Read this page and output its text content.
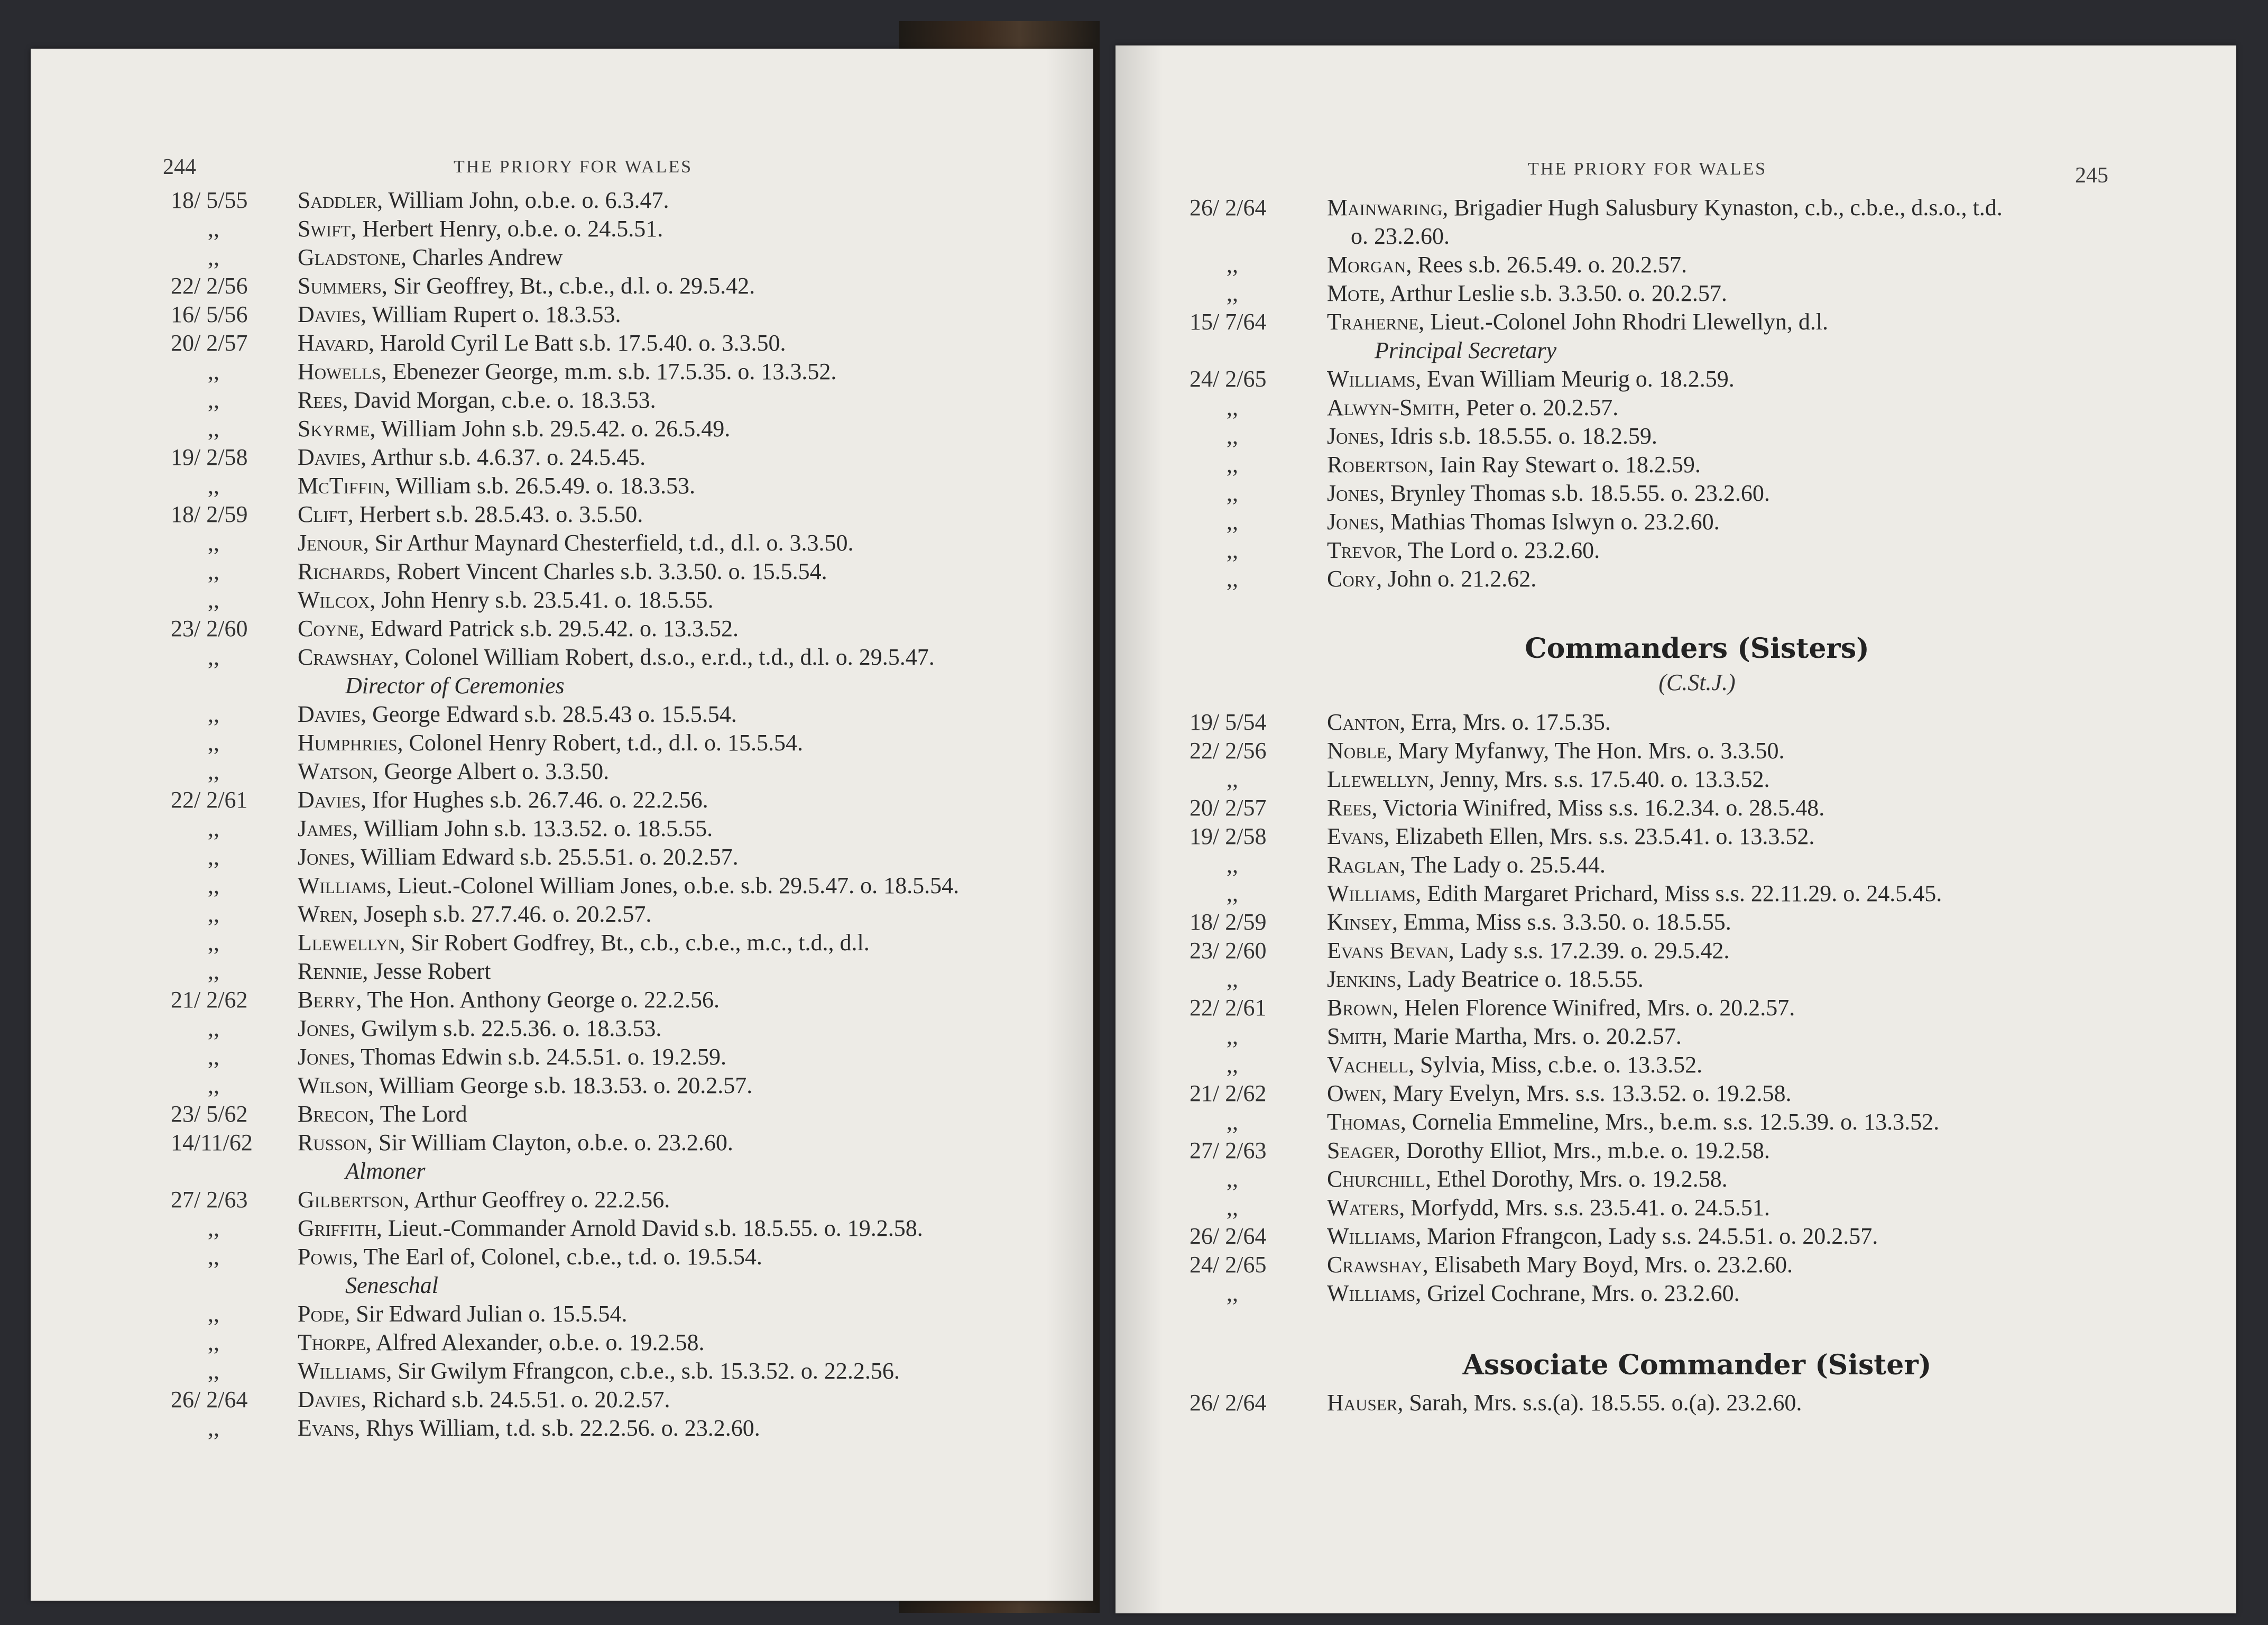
244	THE PRIORY FOR WALES
18/ 5/55	Saddler, William John, o.b.e. o. 6.3.47.
,,	Swift, Herbert Henry, o.b.e. o. 24.5.51.
,,	Gladstone, Charles Andrew
22/ 2/56	Summers, Sir Geoffrey, Bt., c.b.e., d.l. o. 29.5.42.
16/ 5/56	Davies, William Rupert o. 18.3.53.
20/ 2/57	Havard, Harold Cyril Le Batt s.b. 17.5.40. o. 3.3.50.
,,	Howells, Ebenezer George, m.m. s.b. 17.5.35. o. 13.3.52.
,,	Rees, David Morgan, c.b.e. o. 18.3.53.
,,	Skyrme, William John s.b. 29.5.42. o. 26.5.49.
19/ 2/58	Davies, Arthur s.b. 4.6.37. o. 24.5.45.
,,	McTiffin, William s.b. 26.5.49. o. 18.3.53.
18/ 2/59	Clift, Herbert s.b. 28.5.43. o. 3.5.50.
,,	Jenour, Sir Arthur Maynard Chesterfield, t.d., d.l. o. 3.3.50.
,,	Richards, Robert Vincent Charles s.b. 3.3.50. o. 15.5.54.
,,	Wilcox, John Henry s.b. 23.5.41. o. 18.5.55.
23/ 2/60	Coyne, Edward Patrick s.b. 29.5.42. o. 13.3.52.
,,	Crawshay, Colonel William Robert, d.s.o., e.r.d., t.d., d.l. o. 29.5.47.
Director of Ceremonies
,,	Davies, George Edward s.b. 28.5.43 o. 15.5.54.
,,	Humphries, Colonel Henry Robert, t.d., d.l. o. 15.5.54.
,,	Watson, George Albert o. 3.3.50.
22/ 2/61	Davies, Ifor Hughes s.b. 26.7.46. o. 22.2.56.
,,	James, William John s.b. 13.3.52. o. 18.5.55.
,,	Jones, William Edward s.b. 25.5.51. o. 20.2.57.
,,	Williams, Lieut.-Colonel William Jones, o.b.e. s.b. 29.5.47. o. 18.5.54.
,,	Wren, Joseph s.b. 27.7.46. o. 20.2.57.
,,	Llewellyn, Sir Robert Godfrey, Bt., c.b., c.b.e., m.c., t.d., d.l.
,,	Rennie, Jesse Robert
21/ 2/62	Berry, The Hon. Anthony George o. 22.2.56.
,,	Jones, Gwilym s.b. 22.5.36. o. 18.3.53.
,,	Jones, Thomas Edwin s.b. 24.5.51. o. 19.2.59.
,,	Wilson, William George s.b. 18.3.53. o. 20.2.57.
23/ 5/62	Brecon, The Lord
14/11/62	Russon, Sir William Clayton, o.b.e. o. 23.2.60.
Almoner
27/ 2/63	Gilbertson, Arthur Geoffrey o. 22.2.56.
,,	Griffith, Lieut.-Commander Arnold David s.b. 18.5.55. o. 19.2.58.
,,	Powis, The Earl of, Colonel, c.b.e., t.d. o. 19.5.54.
Seneschal
,,	Pode, Sir Edward Julian o. 15.5.54.
,,	Thorpe, Alfred Alexander, o.b.e. o. 19.2.58.
,,	Williams, Sir Gwilym Ffrangcon, c.b.e., s.b. 15.3.52. o. 22.2.56.
26/ 2/64	Davies, Richard s.b. 24.5.51. o. 20.2.57.
,,	Evans, Rhys William, t.d. s.b. 22.2.56. o. 23.2.60.
THE PRIORY FOR WALES	245
26/ 2/64	Mainwaring, Brigadier Hugh Salusbury Kynaston, c.b., c.b.e., d.s.o., t.d.
o. 23.2.60.
,,	Morgan, Rees s.b. 26.5.49. o. 20.2.57.
,,	Mote, Arthur Leslie s.b. 3.3.50. o. 20.2.57.
15/ 7/64	Traherne, Lieut.-Colonel John Rhodri Llewellyn, d.l.
Principal Secretary
24/ 2/65	Williams, Evan William Meurig o. 18.2.59.
,,	Alwyn-Smith, Peter o. 20.2.57.
,,	Jones, Idris s.b. 18.5.55. o. 18.2.59.
,,	Robertson, Iain Ray Stewart o. 18.2.59.
,,	Jones, Brynley Thomas s.b. 18.5.55. o. 23.2.60.
,,	Jones, Mathias Thomas Islwyn o. 23.2.60.
,,	Trevor, The Lord o. 23.2.60.
,,	Cory, John o. 21.2.62.
Commanders (Sisters)
(C.St.J.)
19/ 5/54	Canton, Erra, Mrs. o. 17.5.35.
22/ 2/56	Noble, Mary Myfanwy, The Hon. Mrs. o. 3.3.50.
,,	Llewellyn, Jenny, Mrs. s.s. 17.5.40. o. 13.3.52.
20/ 2/57	Rees, Victoria Winifred, Miss s.s. 16.2.34. o. 28.5.48.
19/ 2/58	Evans, Elizabeth Ellen, Mrs. s.s. 23.5.41. o. 13.3.52.
,,	Raglan, The Lady o. 25.5.44.
,,	Williams, Edith Margaret Prichard, Miss s.s. 22.11.29. o. 24.5.45.
18/ 2/59	Kinsey, Emma, Miss s.s. 3.3.50. o. 18.5.55.
23/ 2/60	Evans Bevan, Lady s.s. 17.2.39. o. 29.5.42.
,,	Jenkins, Lady Beatrice o. 18.5.55.
22/ 2/61	Brown, Helen Florence Winifred, Mrs. o. 20.2.57.
,,	Smith, Marie Martha, Mrs. o. 20.2.57.
,,	Vachell, Sylvia, Miss, c.b.e. o. 13.3.52.
21/ 2/62	Owen, Mary Evelyn, Mrs. s.s. 13.3.52. o. 19.2.58.
,,	Thomas, Cornelia Emmeline, Mrs., b.e.m. s.s. 12.5.39. o. 13.3.52.
27/ 2/63	Seager, Dorothy Elliot, Mrs., m.b.e. o. 19.2.58.
,,	Churchill, Ethel Dorothy, Mrs. o. 19.2.58.
,,	Waters, Morfydd, Mrs. s.s. 23.5.41. o. 24.5.51.
26/ 2/64	Williams, Marion Ffrangcon, Lady s.s. 24.5.51. o. 20.2.57.
24/ 2/65	Crawshay, Elisabeth Mary Boyd, Mrs. o. 23.2.60.
,,	Williams, Grizel Cochrane, Mrs. o. 23.2.60.
Associate Commander (Sister)
26/ 2/64	Hauser, Sarah, Mrs. s.s.(a). 18.5.55. o.(a). 23.2.60.
